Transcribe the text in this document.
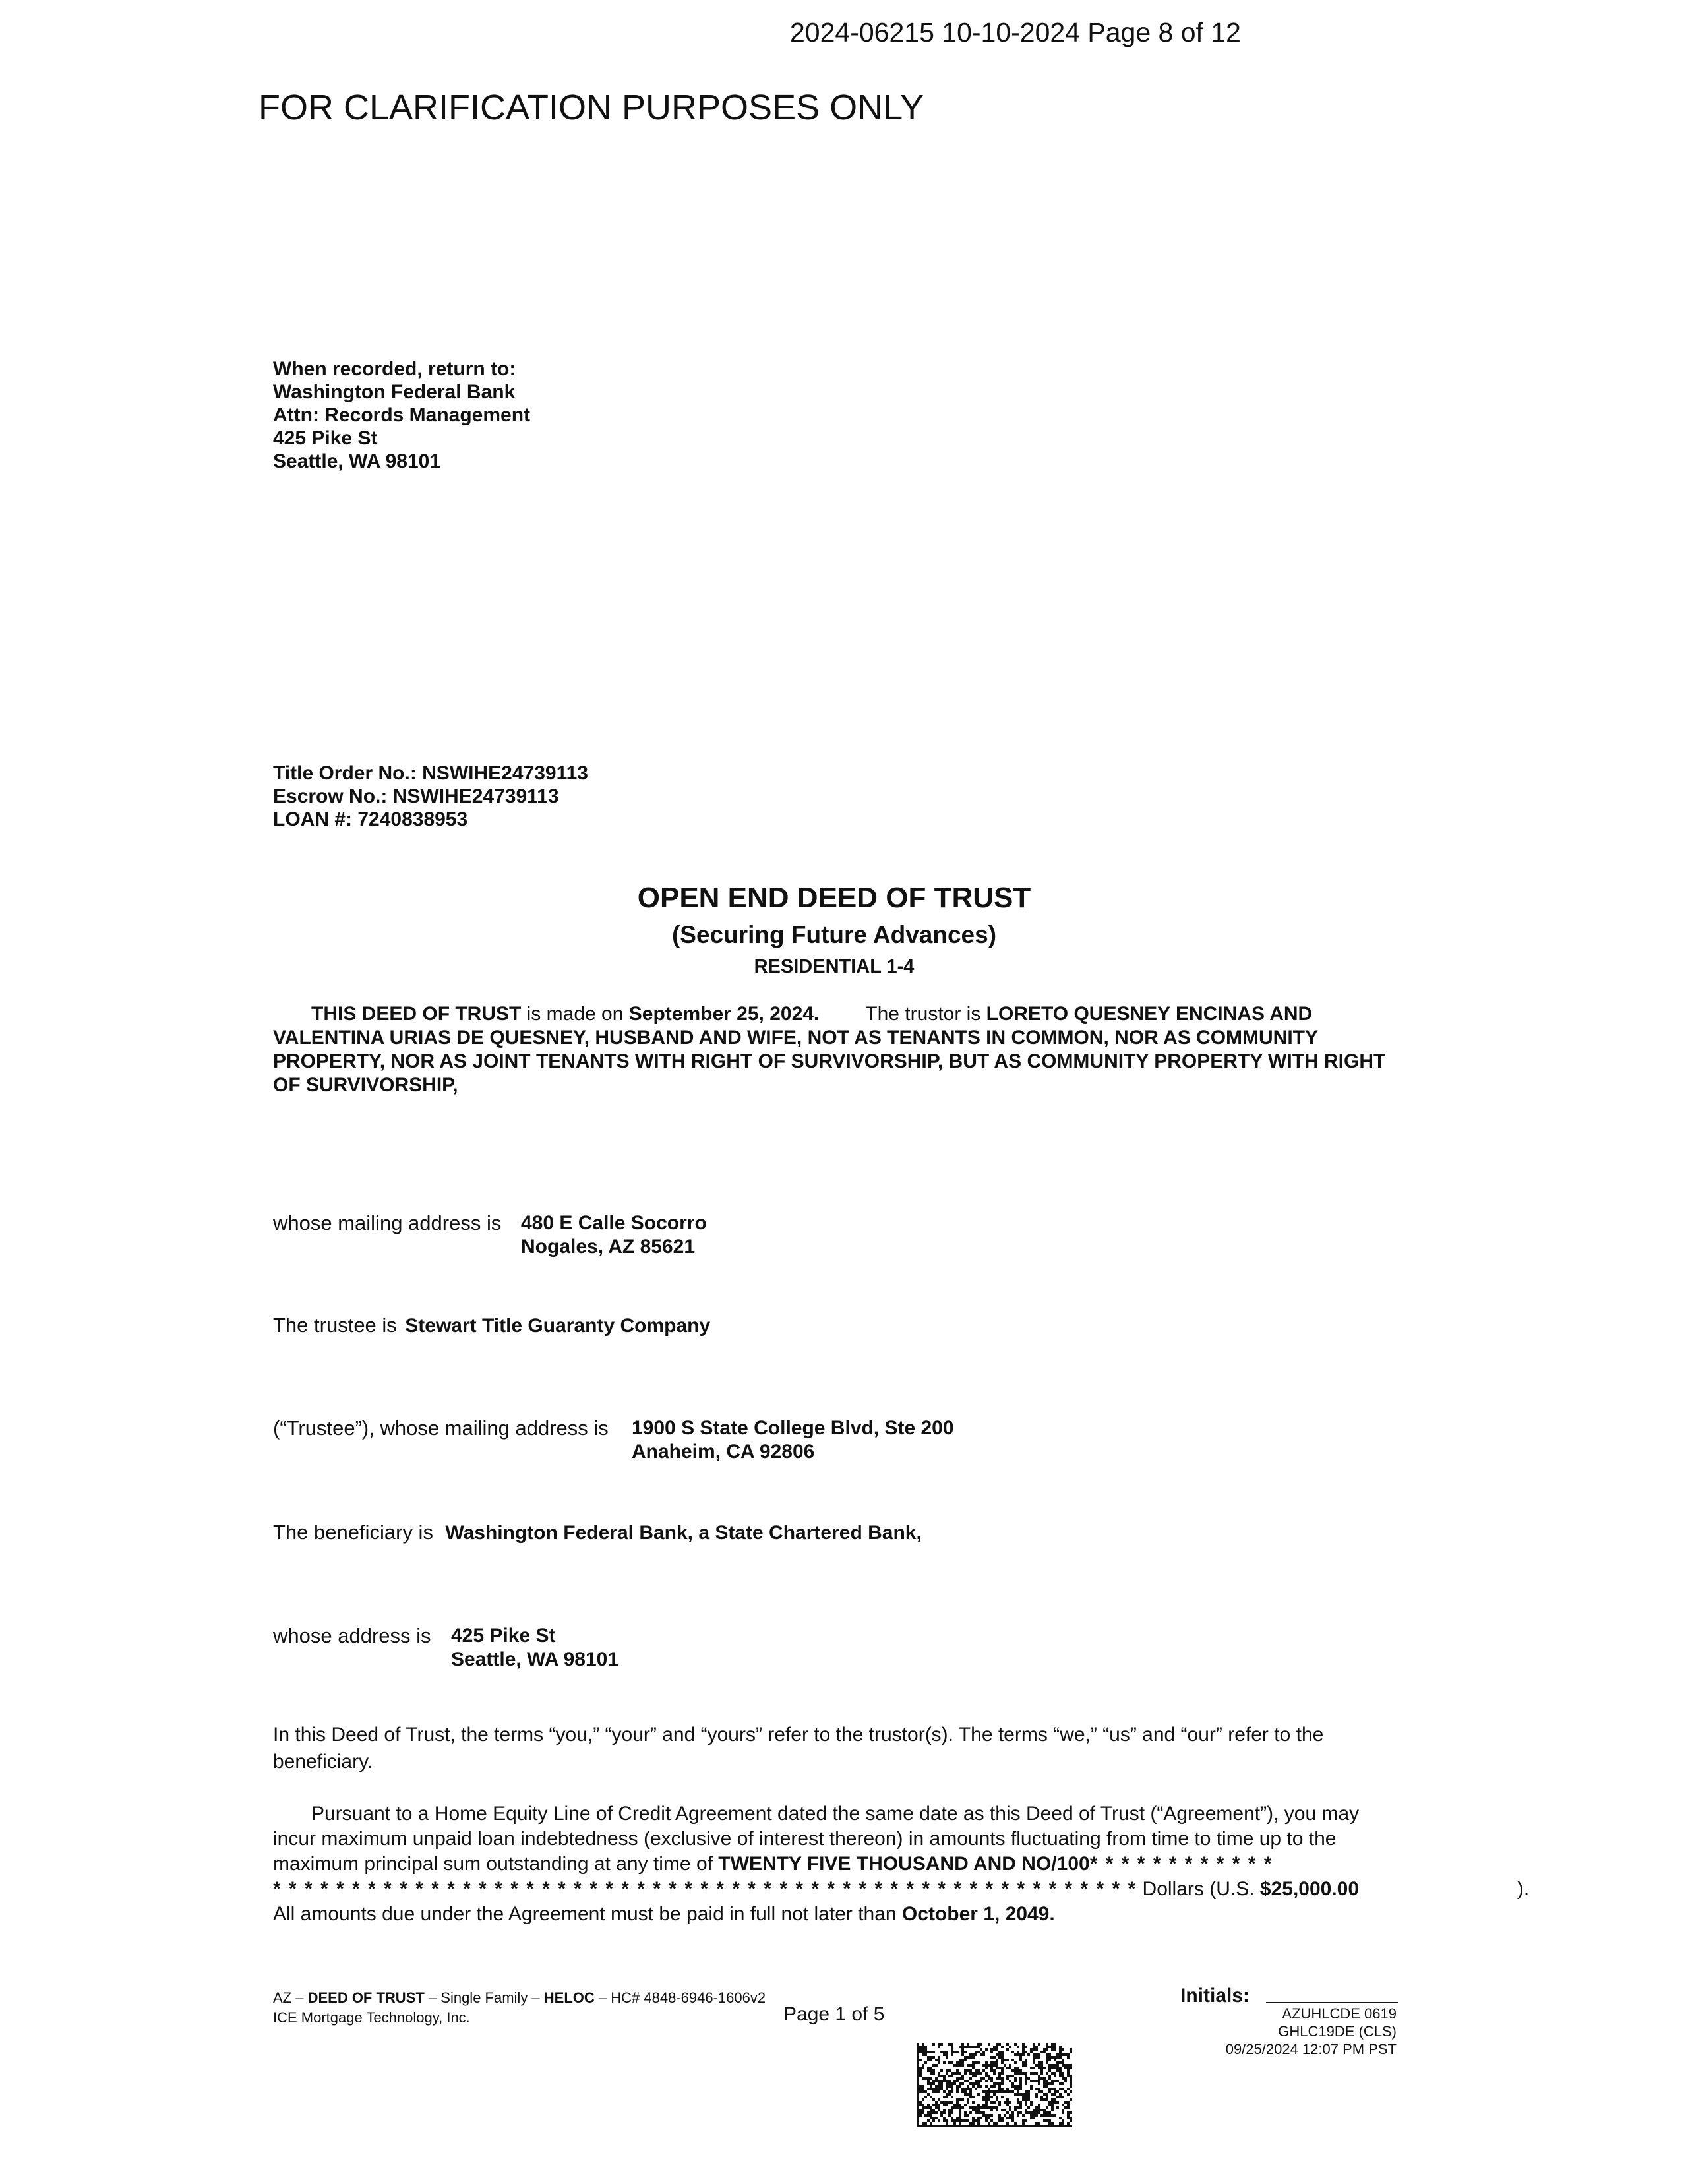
2024-06215 10-10-2024 Page 8 of 12
FOR CLARIFICATION PURPOSES ONLY
When recorded, return to:
Washington Federal Bank
Attn: Records Management
425 Pike St
Seattle, WA 98101
Title Order No.: NSWIHE24739113
Escrow No.: NSWIHE24739113
LOAN #: 7240838953
OPEN END DEED OF TRUST
(Securing Future Advances)
RESIDENTIAL 1-4
THIS DEED OF TRUST is made on September 25, 2024. The trustor is LORETO QUESNEY ENCINAS AND VALENTINA URIAS DE QUESNEY, HUSBAND AND WIFE, NOT AS TENANTS IN COMMON, NOR AS COMMUNITY PROPERTY, NOR AS JOINT TENANTS WITH RIGHT OF SURVIVORSHIP, BUT AS COMMUNITY PROPERTY WITH RIGHT OF SURVIVORSHIP,
whose mailing address is 480 E Calle Socorro
Nogales, AZ 85621
The trustee is Stewart Title Guaranty Company
(“Trustee”), whose mailing address is 1900 S State College Blvd, Ste 200
Anaheim, CA 92806
The beneficiary is Washington Federal Bank, a State Chartered Bank,
whose address is 425 Pike St
Seattle, WA 98101
In this Deed of Trust, the terms “you,” “your” and “yours” refer to the trustor(s). The terms “we,” “us” and “our” refer to the beneficiary.
Pursuant to a Home Equity Line of Credit Agreement dated the same date as this Deed of Trust (“Agreement”), you may incur maximum unpaid loan indebtedness (exclusive of interest thereon) in amounts fluctuating from time to time up to the maximum principal sum outstanding at any time of TWENTY FIVE THOUSAND AND NO/100* * * * * * * * * * * *
* * * * * * * * * * * * * * * * * * * * * * * * * * * * * * * * * * * * * * * * * * * * * * * * * * * * * * * Dollars (U.S. $25,000.00	).
All amounts due under the Agreement must be paid in full not later than October 1, 2049.
AZ – DEED OF TRUST – Single Family – HELOC – HC# 4848-6946-1606v2
ICE Mortgage Technology, Inc.	Page 1 of 5
Initials:
AZUHLCDE 0619
GHLC19DE (CLS)
09/25/2024 12:07 PM PST
